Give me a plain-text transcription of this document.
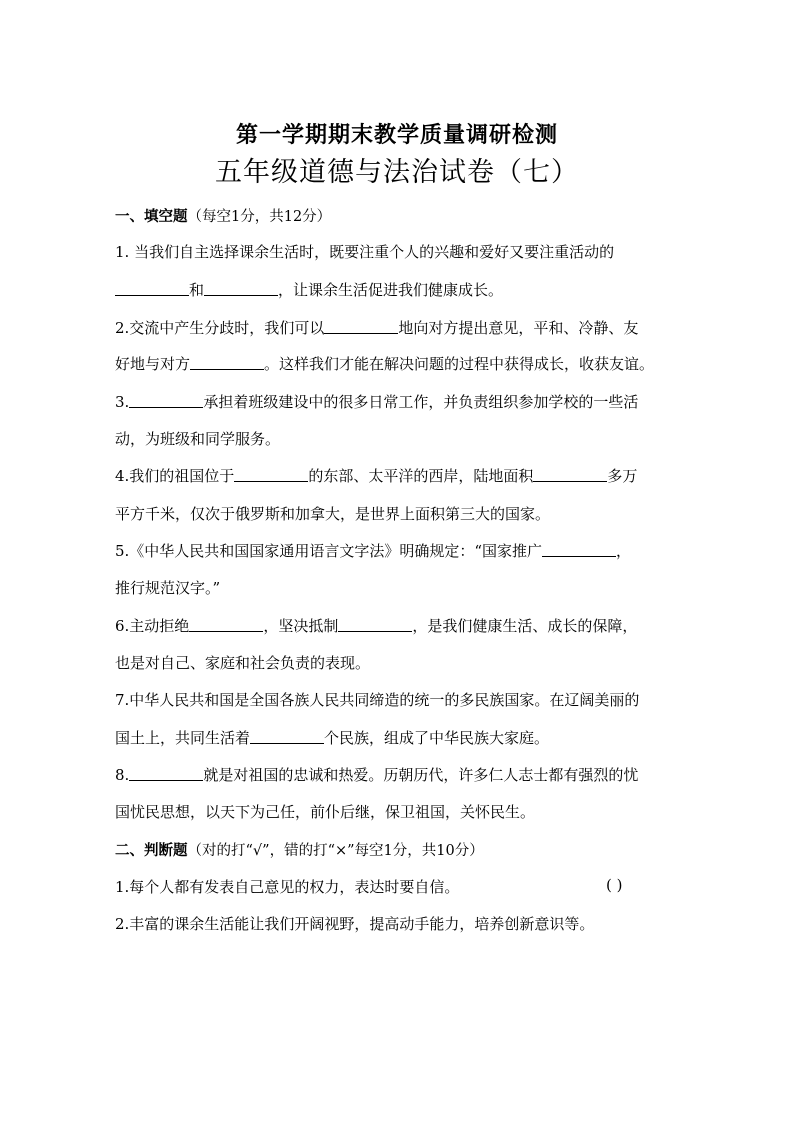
第一学期期末教学质量调研检测
五年级道德与法治试卷（七）
一、填空题（每空1分，共12分）
1. 当我们自主选择课余生活时，既要注重个人的兴趣和爱好又要注重活动的
和	，让课余生活促进我们健康成长。
2.交流中产生分歧时，我们可以	地向对方提出意见，平和、冷静、友
好地与对方	。这样我们才能在解决问题的过程中获得成长，收获友谊。
3.	承担着班级建设中的很多日常工作，并负责组织参加学校的一些活
动，为班级和同学服务。
4.我们的祖国位于	的东部、太平洋的西岸，陆地面积	多万
平方千米，仅次于俄罗斯和加拿大，是世界上面积第三大的国家。
5.《中华人民共和国国家通用语言文字法》明确规定：“国家推广	，
推行规范汉字。”
6.主动拒绝	，坚决抵制	，是我们健康生活、成长的保障，
也是对自己、家庭和社会负责的表现。
7.中华人民共和国是全国各族人民共同缔造的统一的多民族国家。在辽阔美丽的
国土上，共同生活着	个民族，组成了中华民族大家庭。
8.	就是对祖国的忠诚和热爱。历朝历代，许多仁人志士都有强烈的忧
国忧民思想，以天下为己任，前仆后继，保卫祖国，关怀民生。
二、判断题（对的打“√”，错的打“×”每空1分，共10分）
1.每个人都有发表自己意见的权力，表达时要自信。	( )
2.丰富的课余生活能让我们开阔视野，提高动手能力，培养创新意识等。
